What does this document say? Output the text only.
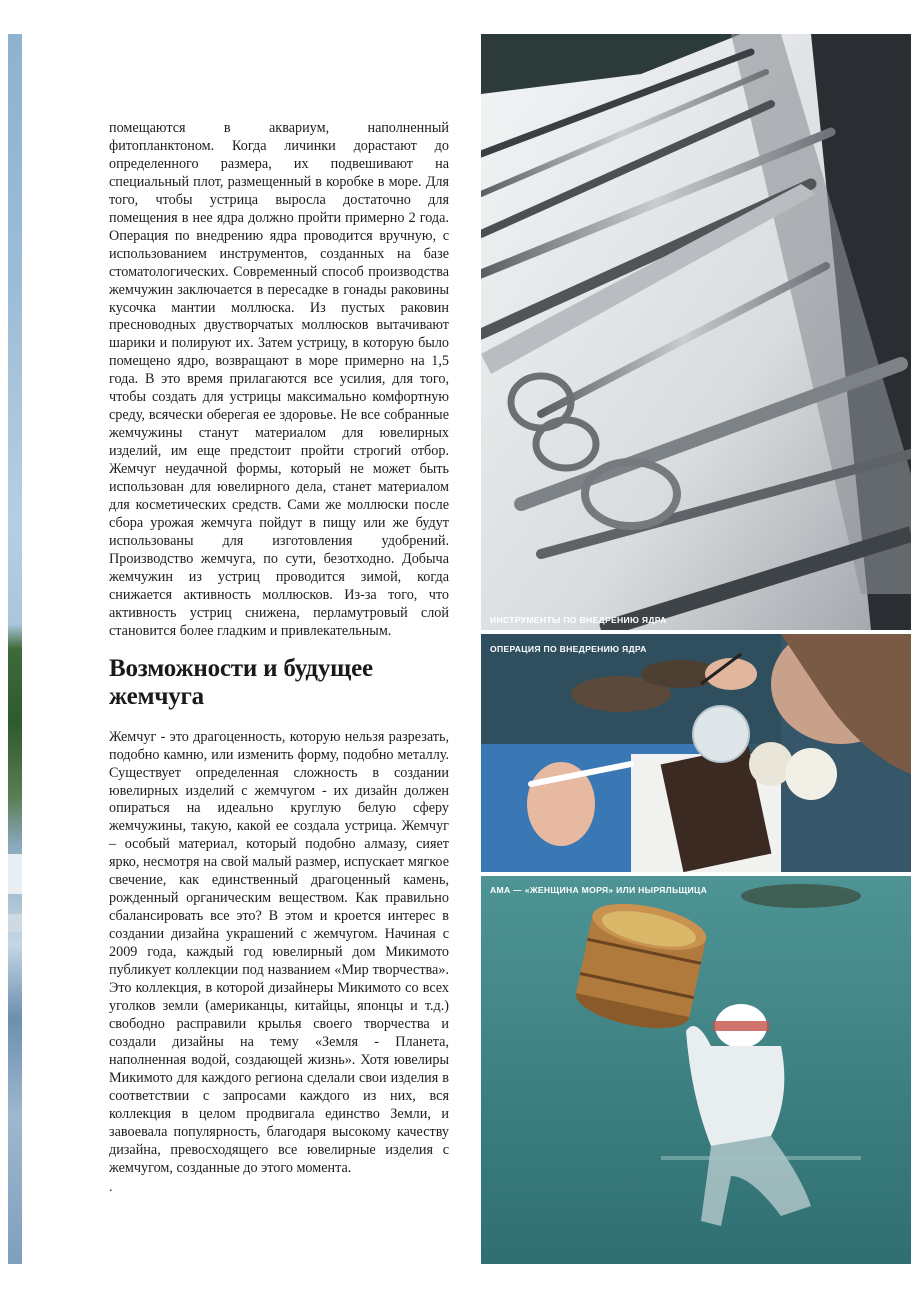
помещаются в аквариум, наполненный фитопланктоном. Когда личинки дорастают до определенного размера, их подвешивают на специальный плот, размещенный в коробке в море. Для того, чтобы устрица выросла достаточно для помещения в нее ядра должно пройти примерно 2 года. Операция по внедрению ядра проводится вручную, с использованием инструментов, созданных на базе стоматологических. Современный способ производства жемчужин заключается в пересадке в гонады раковины кусочка мантии моллюска. Из пустых раковин пресноводных двустворчатых моллюсков вытачивают шарики и полируют их. Затем устрицу, в которую было помещено ядро, возвращают в море примерно на 1,5 года. В это время прилагаются все усилия, для того, чтобы создать для устрицы максимально комфортную среду, всячески оберегая ее здоровье. Не все собранные жемчужины станут материалом для ювелирных изделий, им еще предстоит пройти строгий отбор. Жемчуг неудачной формы, который не может быть использован для ювелирного дела, станет материалом для косметических средств. Сами же моллюски после сбора урожая жемчуга пойдут в пищу или же будут использованы для изготовления удобрений. Производство жемчуга, по сути, безотходно. Добыча жемчужин из устриц проводится зимой, когда снижается активность моллюсков. Из-за того, что активность устриц снижена, перламутровый слой становится более гладким и привлекательным.

Возможности и будущее жемчуга

Жемчуг - это драгоценность, которую нельзя разрезать, подобно камню, или изменить форму, подобно металлу. Существует определенная сложность в создании ювелирных изделий с жемчугом - их дизайн должен опираться на идеально круглую белую сферу жемчужины, такую, какой ее создала устрица. Жемчуг – особый материал, который подобно алмазу, сияет ярко, несмотря на свой малый размер, испускает мягкое свечение, как единственный драгоценный камень, рожденный органическим веществом. Как правильно сбалансировать все это? В этом и кроется интерес в создании дизайна украшений с жемчугом. Начиная с 2009 года, каждый год ювелирный дом Микимото публикует коллекции под названием «Мир творчества». Это коллекция, в которой дизайнеры Микимото со всех уголков земли (американцы, китайцы, японцы и т.д.) свободно расправили крылья своего творчества и создали дизайны на тему «Земля - Планета, наполненная водой, создающей жизнь». Хотя ювелиры Микимото для каждого региона сделали свои изделия в соответствии с запросами каждого из них, вся коллекция в целом продвигала единство Земли, и завоевала популярность, благодаря высокому качеству дизайна, превосходящего все ювелирные изделия с жемчугом, созданные до этого момента.

.
ИНСТРУМЕНТЫ ПО ВНЕДРЕНИЮ ЯДРА
ОПЕРАЦИЯ ПО ВНЕДРЕНИЮ ЯДРА
АМА — «ЖЕНЩИНА МОРЯ» ИЛИ НЫРЯЛЬЩИЦА
